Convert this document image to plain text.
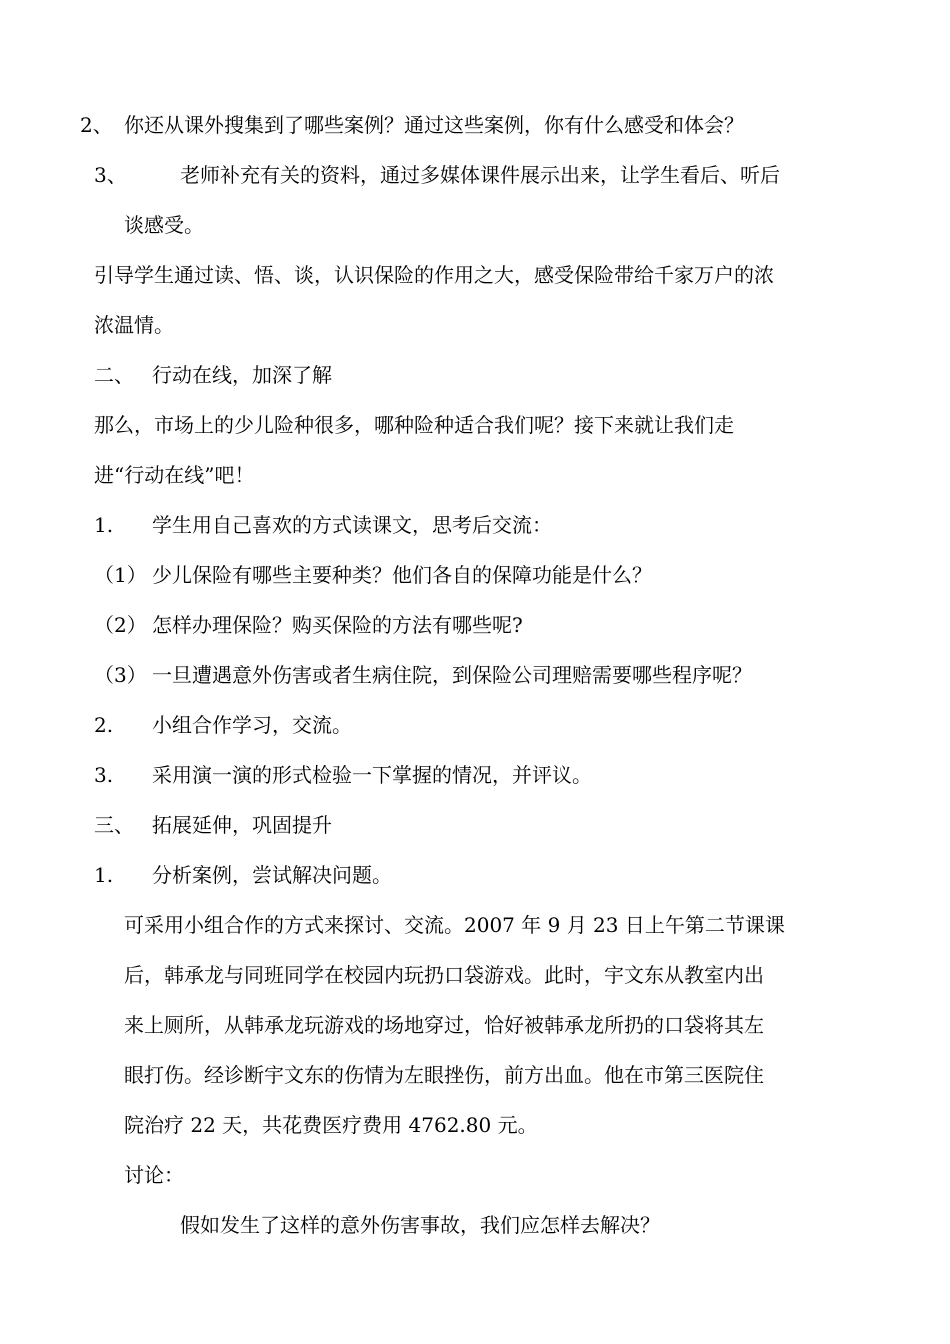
2、 你还从课外搜集到了哪些案例？通过这些案例，你有什么感受和体会？
3、	老师补充有关的资料，通过多媒体课件展示出来，让学生看后、听后
谈感受。
引导学生通过读、悟、谈，认识保险的作用之大，感受保险带给千家万户的浓
浓温情。
二、 行动在线，加深了解
那么，市场上的少儿险种很多，哪种险种适合我们呢？接下来就让我们走
进“行动在线”吧！
1. 学生用自己喜欢的方式读课文，思考后交流：
（1） 少儿保险有哪些主要种类？他们各自的保障功能是什么？
（2） 怎样办理保险？购买保险的方法有哪些呢?
（3） 一旦遭遇意外伤害或者生病住院，到保险公司理赔需要哪些程序呢？
2. 小组合作学习，交流。
3. 采用演一演的形式检验一下掌握的情况，并评议。
三、 拓展延伸，巩固提升
1. 分析案例，尝试解决问题。
可采用小组合作的方式来探讨、交流。2007 年 9 月 23 日上午第二节课课
后，韩承龙与同班同学在校园内玩扔口袋游戏。此时，宇文东从教室内出
来上厕所，从韩承龙玩游戏的场地穿过，恰好被韩承龙所扔的口袋将其左
眼打伤。经诊断宇文东的伤情为左眼挫伤，前方出血。他在市第三医院住
院治疗 22 天，共花费医疗费用 4762.80 元。
讨论：
假如发生了这样的意外伤害事故，我们应怎样去解决？
